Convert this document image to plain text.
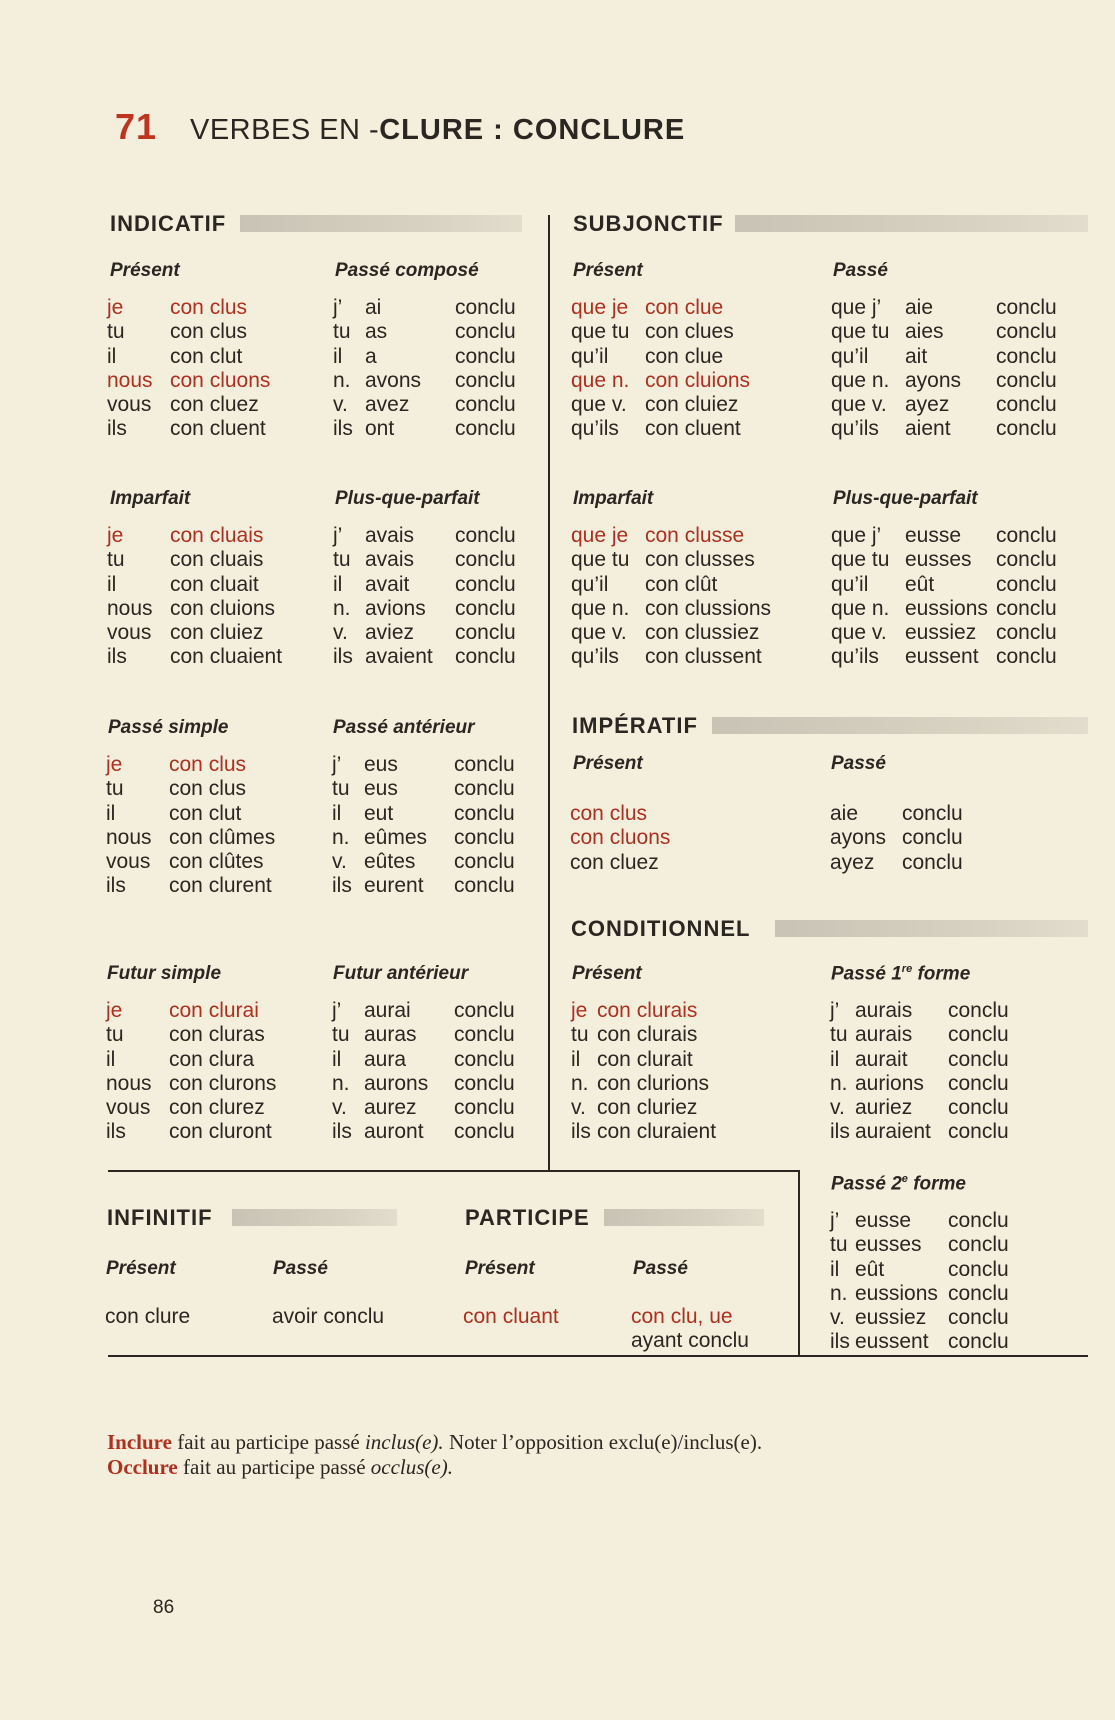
71 VERBES EN -CLURE : CONCLURE
INDICATIF	SUBJONCTIF
IMPÉRATIF
CONDITIONNEL
INFINITIF	PARTICIPE
Présent	Passé composé
je	con clus
tu	con clus
il	con clut
nous con cluons
vous con cluez
ils	con cluent
j’	ai	conclu
tu as	conclu
il	a	conclu
n. avons	conclu
v. avez	conclu
ils ont	conclu
Imparfait	Plus-que-parfait
je	con cluais
tu	con cluais
il	con cluait
nous con cluions
vous con cluiez
ils	con cluaient
j’	avais	conclu
tu avais	conclu
il	avait	conclu
n. avions	conclu
v. aviez	conclu
ils avaient	conclu
Passé simple	Passé antérieur
je	con clus
tu	con clus
il	con clut
nous con clûmes
vous con clûtes
ils	con clurent
j’	eus	conclu
tu eus	conclu
il	eut	conclu
n. eûmes	conclu
v. eûtes	conclu
ils eurent	conclu
Futur simple	Futur antérieur
je	con clurai
tu	con cluras
il	con clura
nous con clurons
vous con clurez
ils	con cluront
j’	aurai	conclu
tu auras	conclu
il	aura	conclu
n. aurons	conclu
v. aurez	conclu
ils auront	conclu
Présent	Passé
que je con clue
que tu con clues
qu’il	con clue
que n. con cluions
que v. con cluiez
qu’ils	con cluent
que j’	aie	conclu
que tu aies	conclu
qu’il	ait	conclu
que n. ayons	conclu
que v. ayez	conclu
qu’ils	aient	conclu
Imparfait	Plus-que-parfait
que je con clusse
que tu con clusses
qu’il	con clût
que n. con clussions
que v. con clussiez
qu’ils	con clussent
que j’	eusse	conclu
que tu eusses	conclu
qu’il	eût	conclu
que n. eussions conclu
que v. eussiez conclu
qu’ils	eussent conclu
Présent	Passé
con clus
con cluons
con cluez
aie	conclu
ayons conclu
ayez	conclu
Présent	Passé 1re forme
je con clurais
tu con clurais
il con clurait
n. con clurions
v. con cluriez
ils con cluraient
j’ aurais	conclu
tu aurais	conclu
il aurait	conclu
n. aurions	conclu
v. auriez	conclu
ils auraient conclu
Passé 2e forme
j’ eusse	conclu
tu eusses	conclu
il eût	conclu
n. eussions conclu
v. eussiez	conclu
ils eussent conclu
Présent	Passé	Présent	Passé
con clure	avoir conclu	con cluant	con clu, ue
ayant conclu
Inclure fait au participe passé inclus(e). Noter l’opposition exclu(e)/inclus(e).
Occlure fait au participe passé occlus(e).
86
